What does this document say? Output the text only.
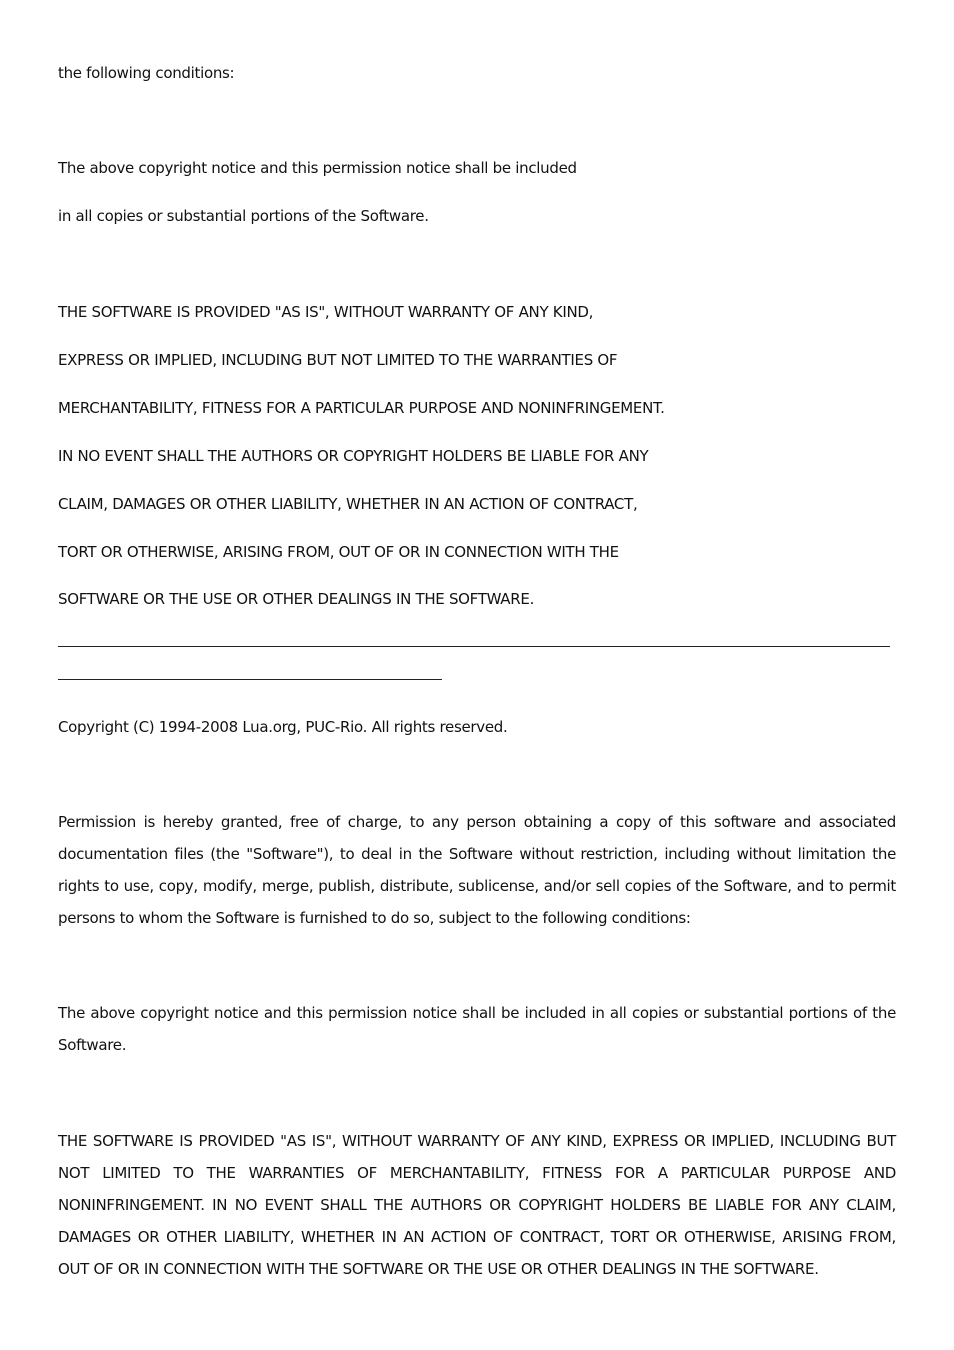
the following conditions:
The above copyright notice and this permission notice shall be included
in all copies or substantial portions of the Software.
THE SOFTWARE IS PROVIDED "AS IS", WITHOUT WARRANTY OF ANY KIND,
EXPRESS OR IMPLIED, INCLUDING BUT NOT LIMITED TO THE WARRANTIES OF
MERCHANTABILITY, FITNESS FOR A PARTICULAR PURPOSE AND NONINFRINGEMENT.
IN NO EVENT SHALL THE AUTHORS OR COPYRIGHT HOLDERS BE LIABLE FOR ANY
CLAIM, DAMAGES OR OTHER LIABILITY, WHETHER IN AN ACTION OF CONTRACT,
TORT OR OTHERWISE, ARISING FROM, OUT OF OR IN CONNECTION WITH THE
SOFTWARE OR THE USE OR OTHER DEALINGS IN THE SOFTWARE.
Copyright (C) 1994-2008 Lua.org, PUC-Rio. All rights reserved.
Permission is hereby granted, free of charge, to any person obtaining a copy of this software and associated documentation files (the "Software"), to deal in the Software without restriction, including without limitation the rights to use, copy, modify, merge, publish, distribute, sublicense, and/or sell copies of the Software, and to permit persons to whom the Software is furnished to do so, subject to the following conditions:
The above copyright notice and this permission notice shall be included in all copies or substantial portions of the Software.
THE SOFTWARE IS PROVIDED "AS IS", WITHOUT WARRANTY OF ANY KIND, EXPRESS OR IMPLIED, INCLUDING BUT NOT LIMITED TO THE WARRANTIES OF MERCHANTABILITY, FITNESS FOR A PARTICULAR PURPOSE AND NONINFRINGEMENT. IN NO EVENT SHALL THE AUTHORS OR COPYRIGHT HOLDERS BE LIABLE FOR ANY CLAIM, DAMAGES OR OTHER LIABILITY, WHETHER IN AN ACTION OF CONTRACT, TORT OR OTHERWISE, ARISING FROM, OUT OF OR IN CONNECTION WITH THE SOFTWARE OR THE USE OR OTHER DEALINGS IN THE SOFTWARE.
